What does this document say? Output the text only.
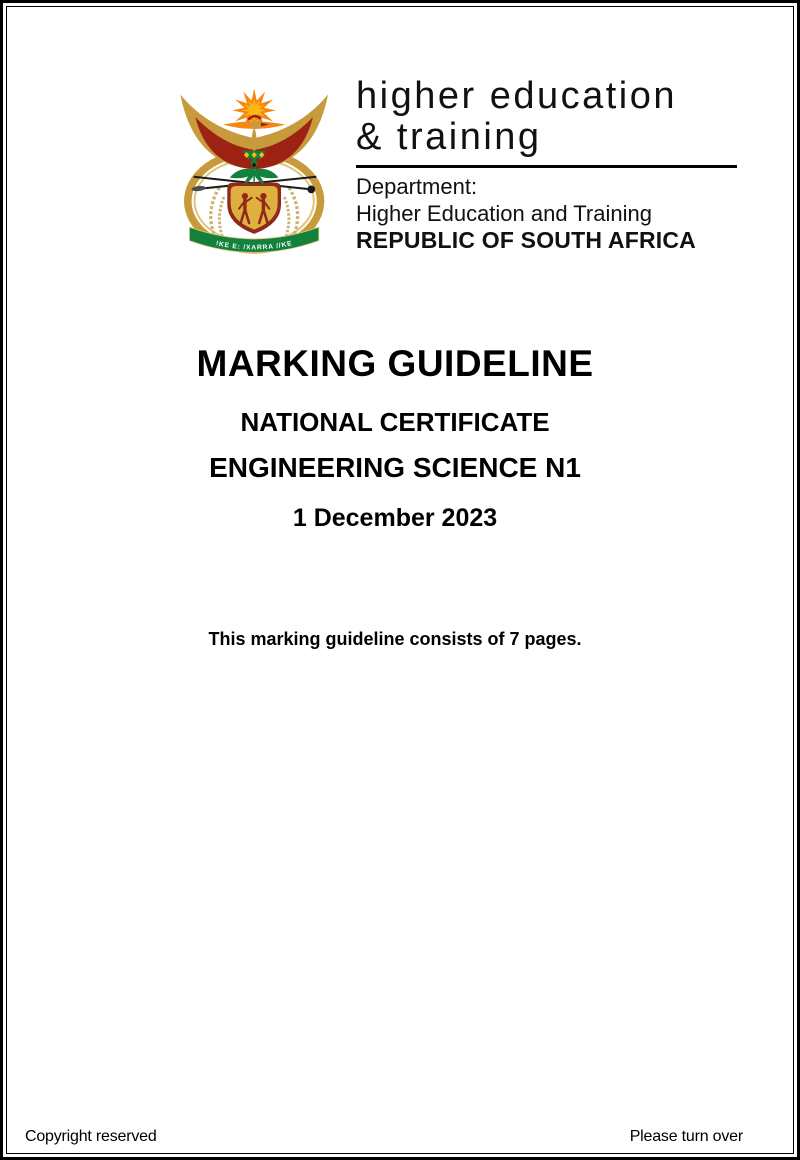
!KE E: /XARRA //KE
higher education
& training
Department:
Higher Education and Training
REPUBLIC OF SOUTH AFRICA
MARKING GUIDELINE
NATIONAL CERTIFICATE
ENGINEERING SCIENCE N1
1 December 2023
This marking guideline consists of 7 pages.
Copyright reserved	Please turn over
